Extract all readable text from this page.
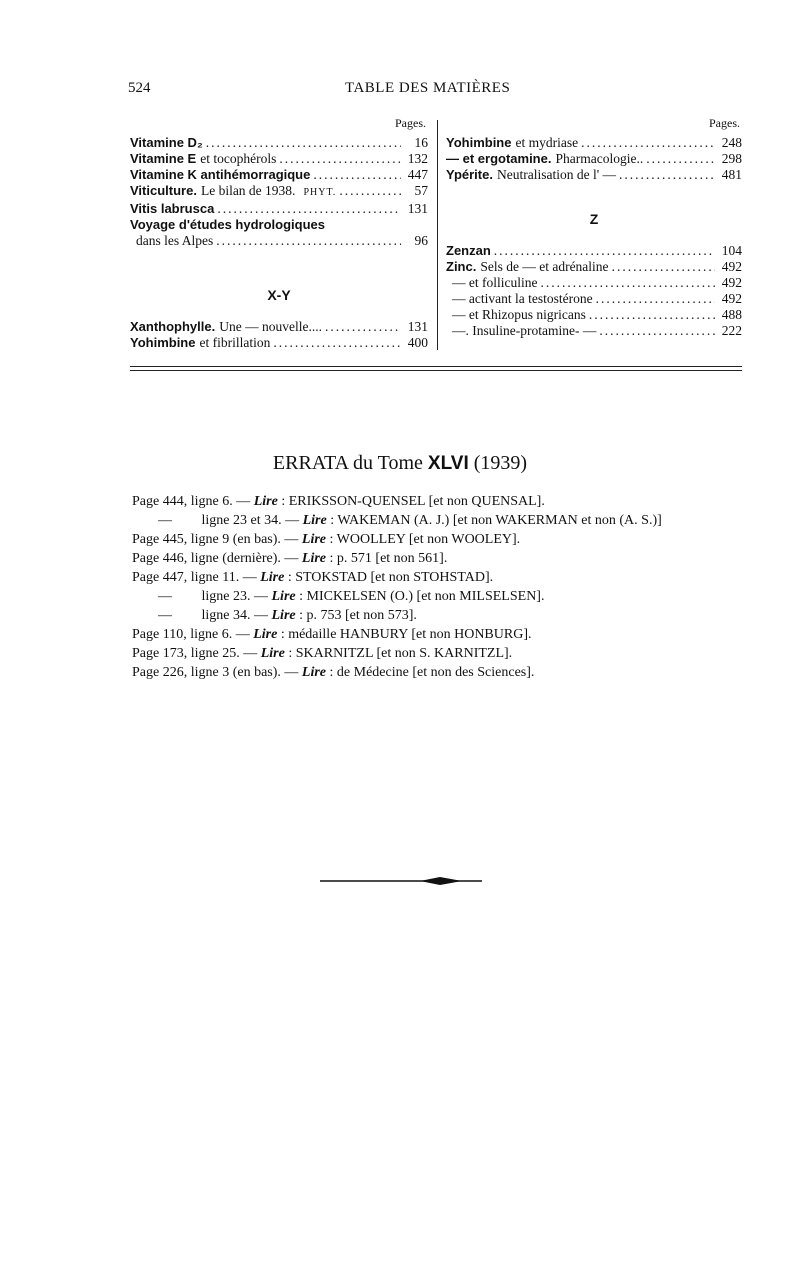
524	TABLE DES MATIÈRES
Pages.
Vitamine D₂ .....	16
Vitamine E et tocophérols .....	132
Vitamine K antihémorragique .....	447
Viticulture. Le bilan de 1938. PHYT. .....	57
Vitis labrusca .....	131
Voyage d'études hydrologiques
dans les Alpes .....	96
X-Y
Xanthophylle. Une — nouvelle.... .....	131
Yohimbine et fibrillation .....	400
Pages.
Yohimbine et mydriase .....	248
— et ergotamine. Pharmacologie.. .....	298
Ypérite. Neutralisation de l' — .....	481
Z
Zenzan .....	104
Zinc. Sels de — et adrénaline .....	492
— et folliculine .....	492
— activant la testostérone .....	492
— et Rhizopus nigricans .....	488
—. Insuline-protamine- — .....	222
ERRATA du Tome XLVI (1939)
Page 444, ligne 6. — Lire : ERIKSSON-QUENSEL [et non QUENSAL].
— ligne 23 et 34. — Lire : WAKEMAN (A. J.) [et non WAKERMAN et non (A. S.)]
Page 445, ligne 9 (en bas). — Lire : WOOLLEY [et non WOOLEY].
Page 446, ligne (dernière). — Lire : p. 571 [et non 561].
Page 447, ligne 11. — Lire : STOKSTAD [et non STOHSTAD].
— ligne 23. — Lire : MICKELSEN (O.) [et non MILSELSEN].
— ligne 34. — Lire : p. 753 [et non 573].
Page 110, ligne 6. — Lire : médaille HANBURY [et non HONBURG].
Page 173, ligne 25. — Lire : SKARNITZL [et non S. KARNITZL].
Page 226, ligne 3 (en bas). — Lire : de Médecine [et non des Sciences].
